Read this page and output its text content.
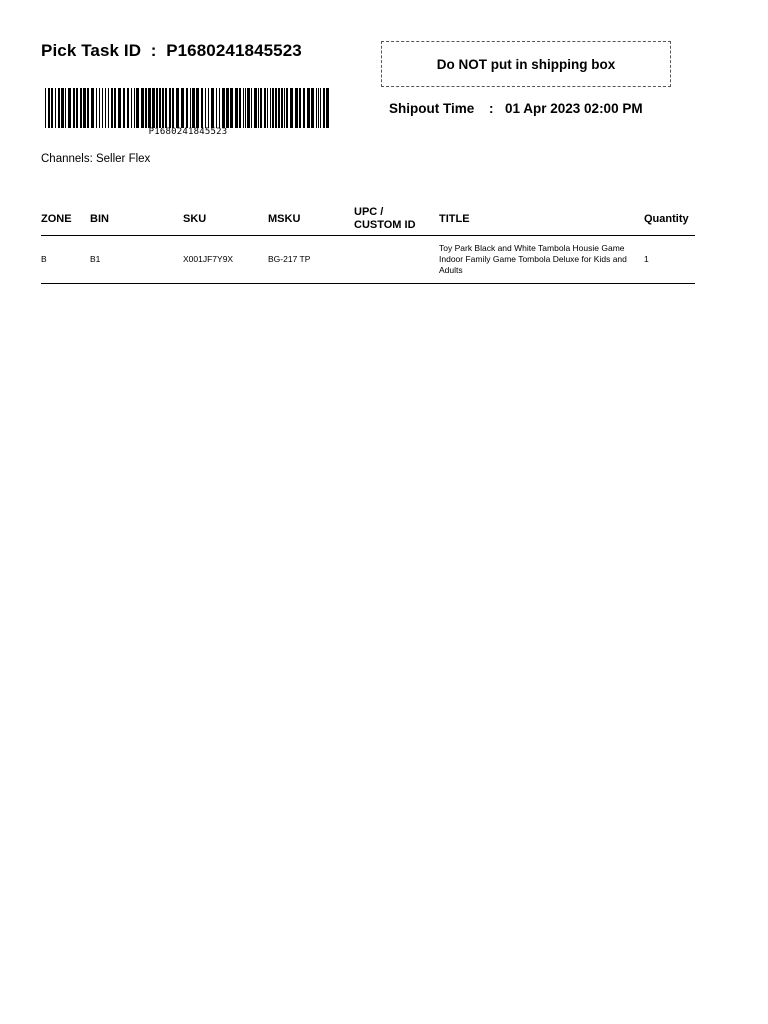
Pick Task ID : P1680241845523
P1680241845523
Do NOT put in shipping box
Shipout Time	: 01 Apr 2023 02:00 PM
Channels: Seller Flex
ZONE	BIN	SKU	MSKU	UPC /
CUSTOM ID	TITLE	Quantity
B	B1	X001JF7Y9X	BG-217 TP		Toy Park Black and White Tambola Housie Game Indoor Family Game Tombola Deluxe for Kids and Adults	1
